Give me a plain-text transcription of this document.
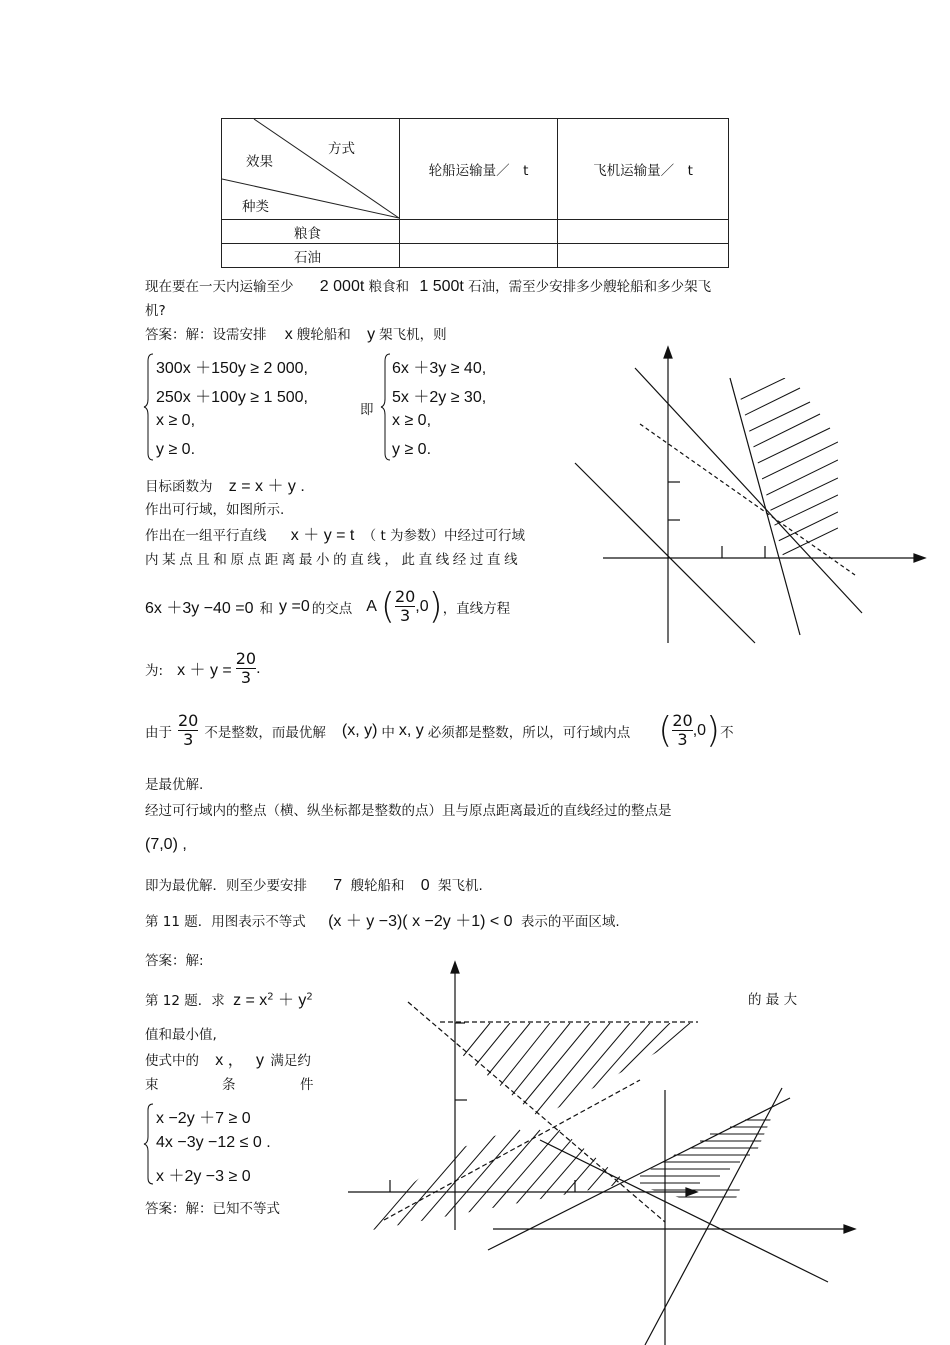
方式
效果
种类	轮船运输量／　t	飞机运输量／　t
粮食		
石油		
现在要在一天内运输至少 2 000t 粮食和 1 500t 石油，需至少安排多少艘轮船和多少架飞
机?
答案：解：设需安排 x 艘轮船和 y 架飞机，则
300x ＋150y ≥ 2 000,
250x ＋100y ≥ 1 500,
x ≥ 0,
y ≥ 0.
即
6x ＋3y ≥ 40,
5x ＋2y ≥ 30,
x ≥ 0,
y ≥ 0.
目标函数为 z = x ＋ y .
作出可行域，如图所示.
作出在一组平行直线 x ＋ y = t （ t 为参数）中经过可行域
内某点且和原点距离最小的直线，此直线经过直线
6x ＋3y −40 =0 和 y =0 的交点 A ( $\frac{20}{3} ,0$ ) ，直线方程
为: $x + y = \frac{20}{3}$ .
由于 $\frac{20}{3}$ 不是整数，而最优解 (x, y) 中 x, y 必须都是整数，所以，可行域内点 ( $\frac{20}{3} ,0$ ) 不
是最优解.
经过可行域内的整点（横、纵坐标都是整数的点）且与原点距离最近的直线经过的整点是
(7,0) ,
即为最优解．则至少要安排 7 艘轮船和 0 架飞机.
第 11 题．用图表示不等式 (x ＋ y −3)( x −2y ＋1) < 0 表示的平面区域.
答案：解:
第 12 题．求 $z = x^2 + y^2$	的 最 大
值和最小值,
使式中的 x ， y 满足约
束	条	件
x −2y ＋7 ≥ 0
4x −3y −12 ≤ 0 .
x ＋2y −3 ≥ 0
答案：解：已知不等式
